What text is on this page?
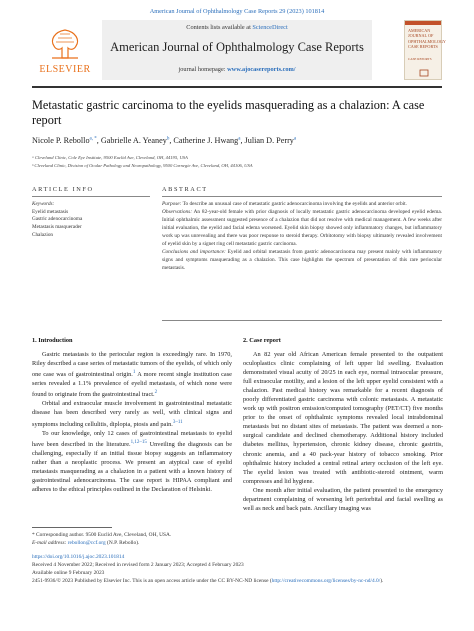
American Journal of Ophthalmology Case Reports 29 (2023) 101814
ELSEVIER
Contents lists available at ScienceDirect
American Journal of Ophthalmology Case Reports
journal homepage: www.ajocasereports.com/
AMERICAN JOURNAL OF OPHTHALMOLOGY CASE REPORTS
CASE REPORTS
Metastatic gastric carcinoma to the eyelids masquerading as a chalazion: A case report
Nicole P. Rebollo$^{a, *}$, Gabrielle A. Yeaney$^b$, Catherine J. Hwang$^a$, Julian D. Perry$^a$
ᵃ Cleveland Clinic, Cole Eye Institute, 9500 Euclid Ave, Cleveland, OH, 44195, USA
ᵇ Cleveland Clinic, Division of Ocular Pathology and Neuropathology, 9500 Carnegie Ave, Cleveland, OH, 44106, USA
ARTICLE INFO	ABSTRACT
Keywords:
Eyelid metastasis
Gastric adenocarcinoma
Metastasis masquerader
Chalazion
Purpose: To describe an unusual case of metastatic gastric adenocarcinoma involving the eyelids and anterior orbit.
Observations: An 82-year-old female with prior diagnosis of locally metastatic gastric adenocarcinoma developed eyelid edema. Initial ophthalmic assessment suggested presence of a chalazion that did not resolve with medical management. A few weeks after initial evaluation, the eyelid and facial edema worsened. Eyelid skin biopsy showed only inflammatory changes, but inflammatory work up was unrevealing and there was poor response to steroid therapy. Orbitotomy with biopsy ultimately revealed involvement of eyelid skin by a signet ring cell metastatic gastric carcinoma.
Conclusions and importance: Eyelid and orbital metastasis from gastric adenocarcinoma may present mainly with inflammatory signs and symptoms masquerading as a chalazion. This case highlights the spectrum of presentation of this rare periocular metastasis.
1. Introduction

Gastric metastasis to the periocular region is exceedingly rare. In 1970, Riley described a case series of metastatic tumors of the eyelids, of which only one case was of gastrointestinal origin.$^1$ A more recent single institution case series revealed a 1.1% prevalence of eyelid metastasis, of which none were found to originate from the gastrointestinal tract.$^2$

Orbital and extraocular muscle involvement in gastrointestinal metastatic disease has been described very rarely as well, with clinical signs and symptoms including cellulitis, diplopia, ptosis and pain.$^{3-11}$

To our knowledge, only 12 cases of gastrointestinal metastasis to eyelid have been described in the literature.$^{1,12-15}$ Unveiling the diagnosis can be challenging, especially if an initial tissue biopsy suggests an inflammatory rather than a neoplastic process. We present an atypical case of eyelid metastasis masquerading as a chalazion in a patient with a known history of gastrointestinal adenocarcinoma. The case report is HIPAA compliant and adheres to the ethical principles outlined in the Declaration of Helsinki.

2. Case report

An 82 year old African American female presented to the outpatient oculoplastics clinic complaining of left upper lid swelling. Evaluation demonstrated visual acuity of 20/25 in each eye, normal intraocular pressure, full extraocular motility, and a lesion of the left upper eyelid consistent with a chalazion. Past medical history was remarkable for a recent diagnosis of poorly differentiated gastric carcinoma with colonic metastasis. A metastatic work up with positron emission/computed tomography (PET/CT) five months prior to the onset of ophthalmic symptoms revealed local intrabdominal metastasis but no distant sites of metastasis. The patient was deemed a non-surgical candidate and declined chemotherapy. Additional history included diabetes mellitus, hypertension, chronic kidney disease, chronic gastritis, chronic anemia, and a 40 pack-year history of tobacco smoking. Prior ophthalmic history included a central retinal artery occlusion of the left eye. The eyelid lesion was treated with antibiotic-steroid ointment, warm compresses and lid hygiene.

One month after initial evaluation, the patient presented to the emergency department complaining of worsening left periorbital and facial swelling as well as neck and back pain. Ancillary imaging was

* Corresponding author. 9500 Euclid Ave, Cleveland, OH, USA.
E-mail address: rebollon@ccf.org (N.P. Rebollo).
https://doi.org/10.1016/j.ajoc.2023.101814
Received 4 November 2022; Received in revised form 2 January 2023; Accepted 4 February 2023
Available online 9 February 2023
2451-9936/© 2023 Published by Elsevier Inc. This is an open access article under the CC BY-NC-ND license (http://creativecommons.org/licenses/by-nc-nd/4.0/).
